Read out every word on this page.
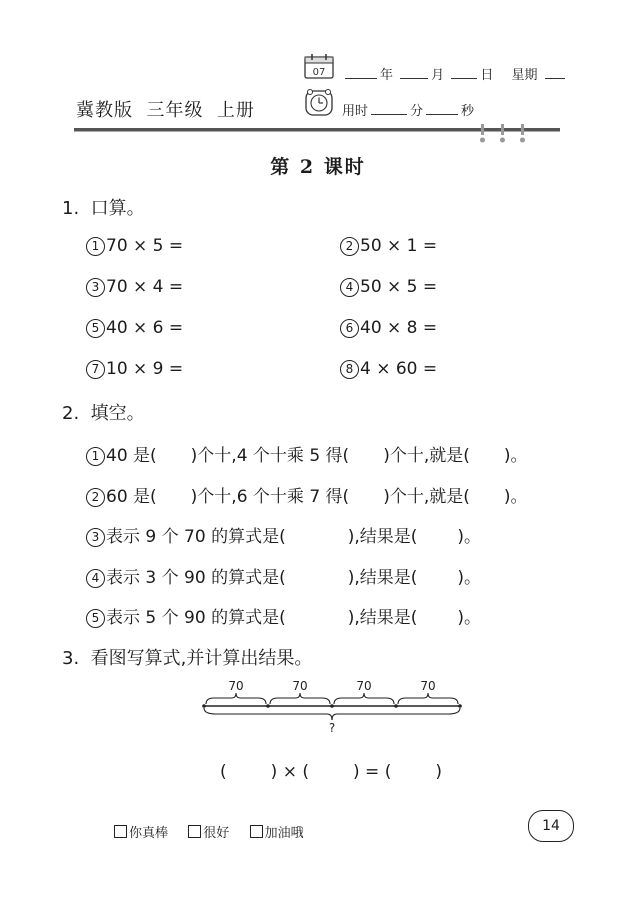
07	年	月	日 星期
冀教版  三年级  上册	用时	分	秒
第 2 课时
1.  口算。
1 70 × 5 =	2 50 × 1 =
3 70 × 4 =	4 50 × 5 =
5 40 × 6 =	6 40 × 8 =
7 10 × 9 =	8 4 × 60 =
2.  填空。
1 40 是( )个十,4 个十乘 5 得( )个十,就是( )。
2 60 是( )个十,6 个十乘 7 得( )个十,就是( )。
3 表示 9 个 70 的算式是(	),结果是( )。
4 表示 3 个 90 的算式是(	),结果是( )。
5 表示 5 个 90 的算式是(	),结果是( )。
3.  看图写算式,并计算出结果。
70	70	70	70
?
(	) × (	) = (	)
你真棒	很好	加油哦	14
